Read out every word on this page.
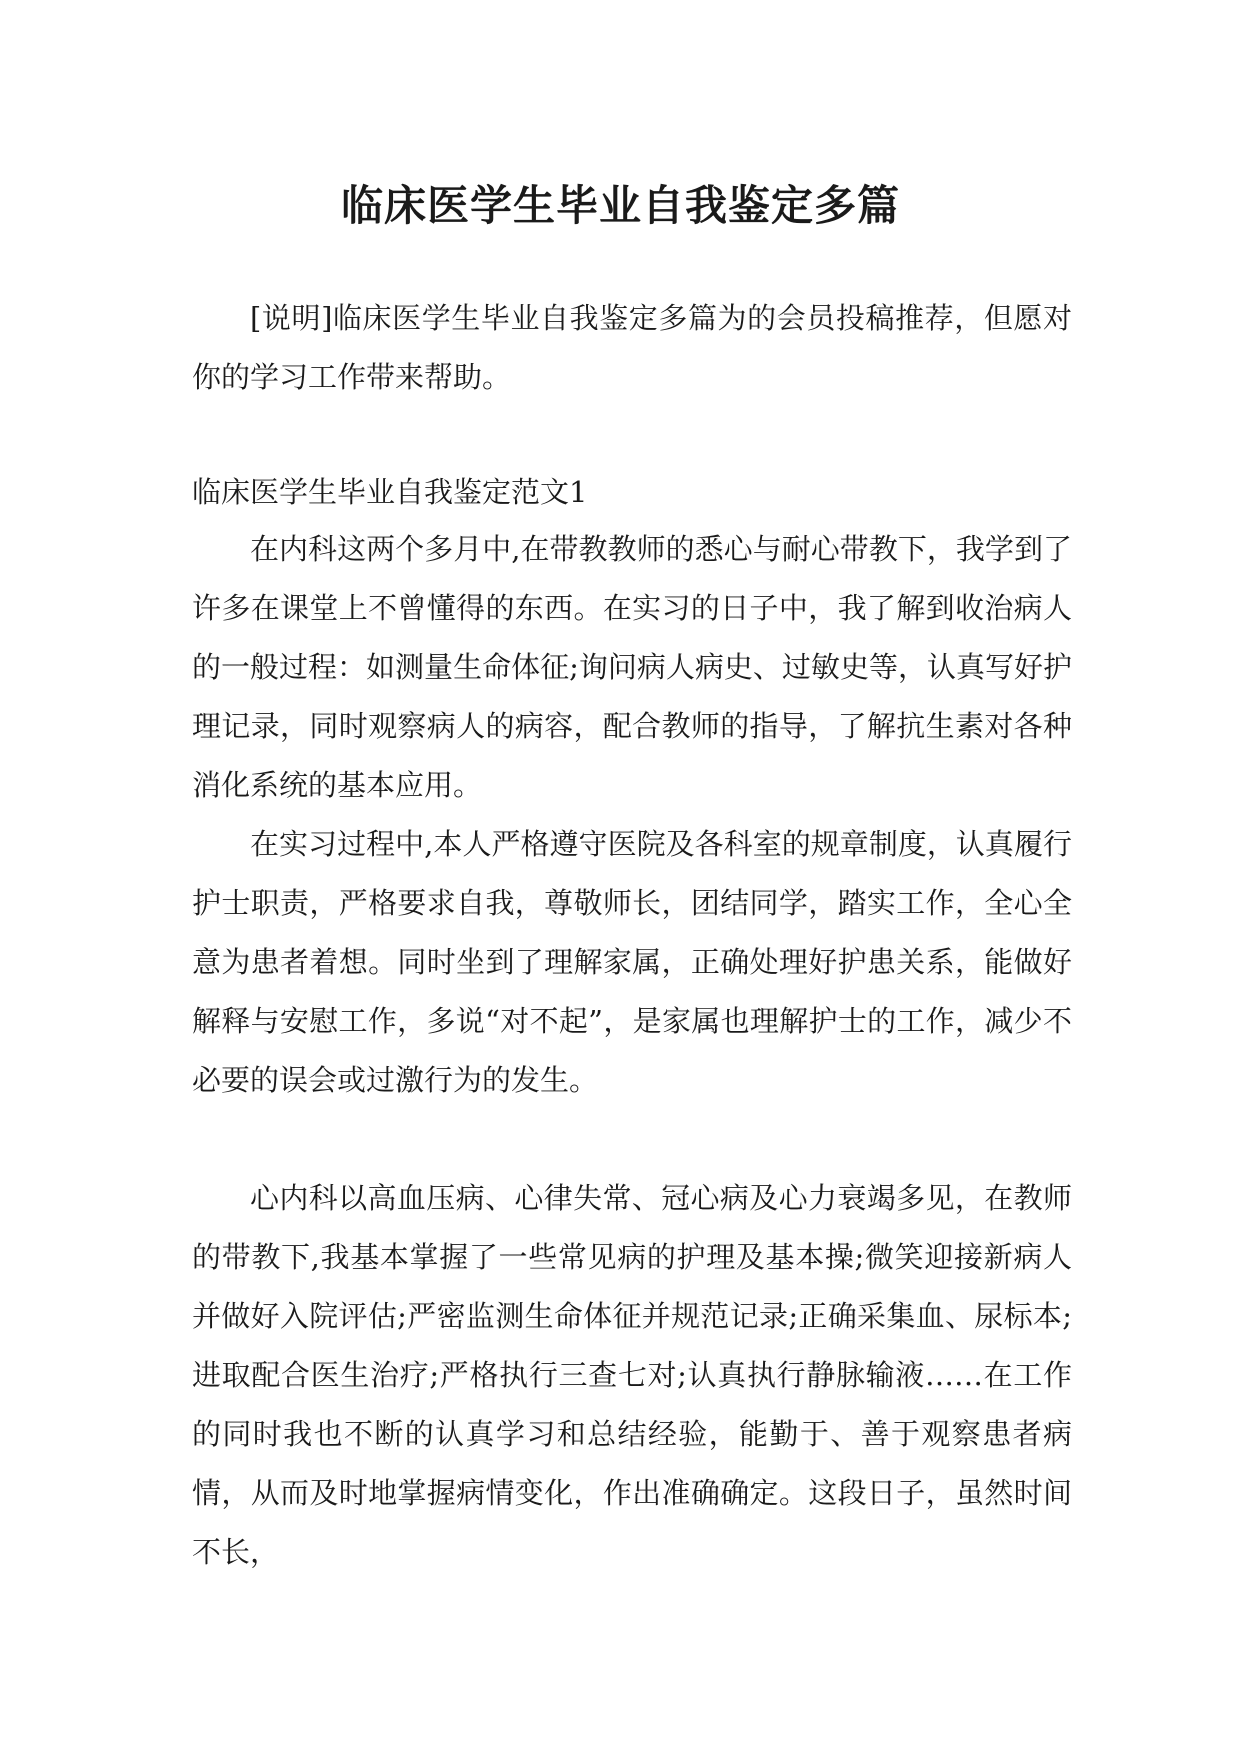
临床医学生毕业自我鉴定多篇

[说明]临床医学生毕业自我鉴定多篇为的会员投稿推荐，但愿对你的学习工作带来帮助。

临床医学生毕业自我鉴定范文1

在内科这两个多月中,在带教教师的悉心与耐心带教下，我学到了许多在课堂上不曾懂得的东西。在实习的日子中，我了解到收治病人的一般过程：如测量生命体征;询问病人病史、过敏史等，认真写好护理记录，同时观察病人的病容，配合教师的指导，了解抗生素对各种消化系统的基本应用。

在实习过程中,本人严格遵守医院及各科室的规章制度，认真履行护士职责，严格要求自我，尊敬师长，团结同学，踏实工作，全心全意为患者着想。同时坐到了理解家属，正确处理好护患关系，能做好解释与安慰工作，多说“对不起”，是家属也理解护士的工作，减少不必要的误会或过激行为的发生。

心内科以高血压病、心律失常、冠心病及心力衰竭多见，在教师的带教下,我基本掌握了一些常见病的护理及基本操;微笑迎接新病人并做好入院评估;严密监测生命体征并规范记录;正确采集血、尿标本;进取配合医生治疗;严格执行三查七对;认真执行静脉输液……在工作的同时我也不断的认真学习和总结经验，能勤于、善于观察患者病情，从而及时地掌握病情变化，作出准确确定。这段日子，虽然时间不长，
